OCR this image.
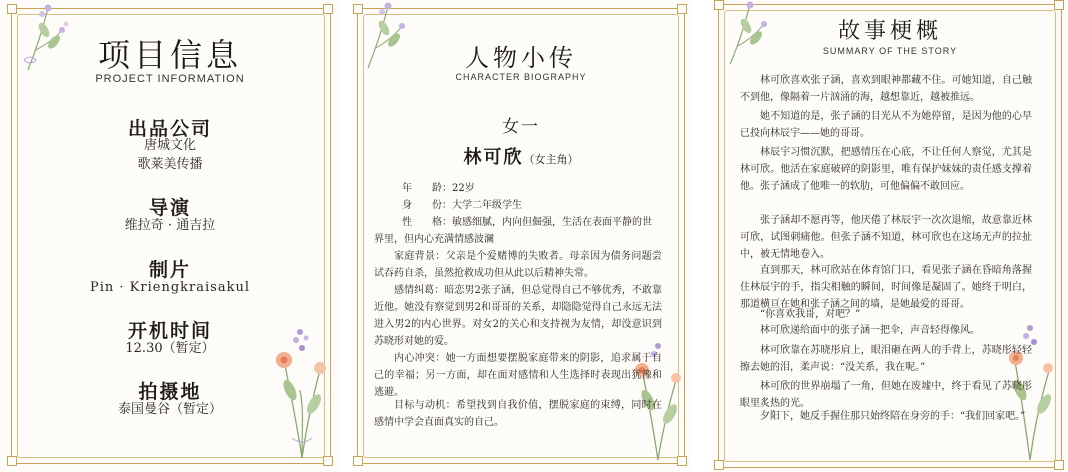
项目信息
PROJECT INFORMATION
出品公司
唐城文化
歌莱美传播
导演
维拉奇 · 通吉拉
制片
Pin · Kriengkraisakul
开机时间
12.30（暂定）
拍摄地
泰国曼谷（暂定）
人物小传
CHARACTER BIOGRAPHY
女一
林可欣（女主角）
年　　龄：22岁
身　　份：大学二年级学生
性　　格：敏感细腻，内向但倔强，生活在表面平静的世
界里，但内心充满情感波澜
家庭背景：父亲是个爱赌博的失败者。母亲因为债务问题尝试吞药自杀，虽然抢救成功但从此以后精神失常。
感情纠葛：暗恋男2张子涵，但总觉得自己不够优秀，不敢靠近他。她没有察觉到男2和哥哥的关系，却隐隐觉得自己永远无法进入男2的内心世界。对女2的关心和支持视为友情，却没意识到苏晓形对她的爱。
内心冲突：她一方面想要摆脱家庭带来的阴影，追求属于自己的幸福；另一方面，却在面对感情和人生选择时表现出犹豫和逃避。
目标与动机：希望找到自我价值，摆脱家庭的束缚，同时在感情中学会直面真实的自己。
故事梗概
SUMMARY OF THE STORY
林可欣喜欢张子涵，喜欢到眼神都藏不住。可她知道，自己触不到他，像隔着一片汹涌的海，越想靠近，越被推远。
她不知道的是，张子涵的目光从不为她停留，是因为他的心早已投向林辰宇——她的哥哥。
林辰宇习惯沉默，把感情压在心底，不让任何人察觉，尤其是林可欣。他活在家庭破碎的阴影里，唯有保护妹妹的责任感支撑着他。张子涵成了他唯一的软肋，可他偏偏不敢回应。
张子涵却不愿再等，他厌倦了林辰宇一次次退缩，故意靠近林可欣，试图刺痛他。但张子涵不知道，林可欣也在这场无声的拉扯中，被无情地卷入。
直到那天，林可欣站在体育馆门口，看见张子涵在昏暗角落握住林辰宇的手，指尖相触的瞬间，时间像是凝固了。她终于明白，那道横亘在她和张子涵之间的墙，是她最爱的哥哥。
“你喜欢我哥，对吧？”
林可欣递给面中的张子涵一把伞，声音轻得像风。
林可欣靠在苏晓彤肩上，眼泪砸在两人的手背上，苏晓彤轻轻擦去她的泪，柔声说：“没关系，我在呢。”
林可欣的世界崩塌了一角，但她在废墟中，终于看见了苏晓彤眼里炙热的光。
夕阳下，她反手握住那只始终陪在身旁的手：“我们回家吧。”
